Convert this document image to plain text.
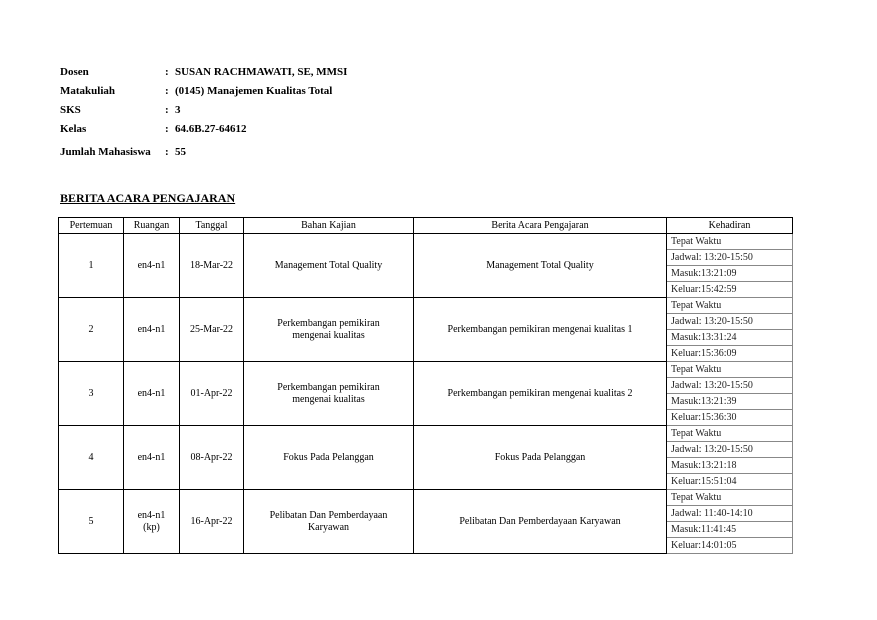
Dosen	: SUSAN RACHMAWATI, SE, MMSI
Matakuliah	: (0145) Manajemen Kualitas Total
SKS	: 3
Kelas	: 64.6B.27-64612
Jumlah Mahasiswa	: 55
BERITA ACARA PENGAJARAN
Pertemuan	Ruangan	Tanggal	Bahan Kajian	Berita Acara Pengajaran	Kehadiran
1	en4-n1	18-Mar-22	Management Total Quality	Management Total Quality	Tepat Waktu
					Jadwal: 13:20-15:50
					Masuk:13:21:09
					Keluar:15:42:59
2	en4-n1	25-Mar-22	Perkembangan pemikiran mengenai kualitas	Perkembangan pemikiran mengenai kualitas 1	Tepat Waktu
					Jadwal: 13:20-15:50
					Masuk:13:31:24
					Keluar:15:36:09
3	en4-n1	01-Apr-22	Perkembangan pemikiran mengenai kualitas	Perkembangan pemikiran mengenai kualitas 2	Tepat Waktu
					Jadwal: 13:20-15:50
					Masuk:13:21:39
					Keluar:15:36:30
4	en4-n1	08-Apr-22	Fokus Pada Pelanggan	Fokus Pada Pelanggan	Tepat Waktu
					Jadwal: 13:20-15:50
					Masuk:13:21:18
					Keluar:15:51:04
5	en4-n1 (kp)	16-Apr-22	Pelibatan Dan Pemberdayaan Karyawan	Pelibatan Dan Pemberdayaan Karyawan	Tepat Waktu
					Jadwal: 11:40-14:10
					Masuk:11:41:45
					Keluar:14:01:05
